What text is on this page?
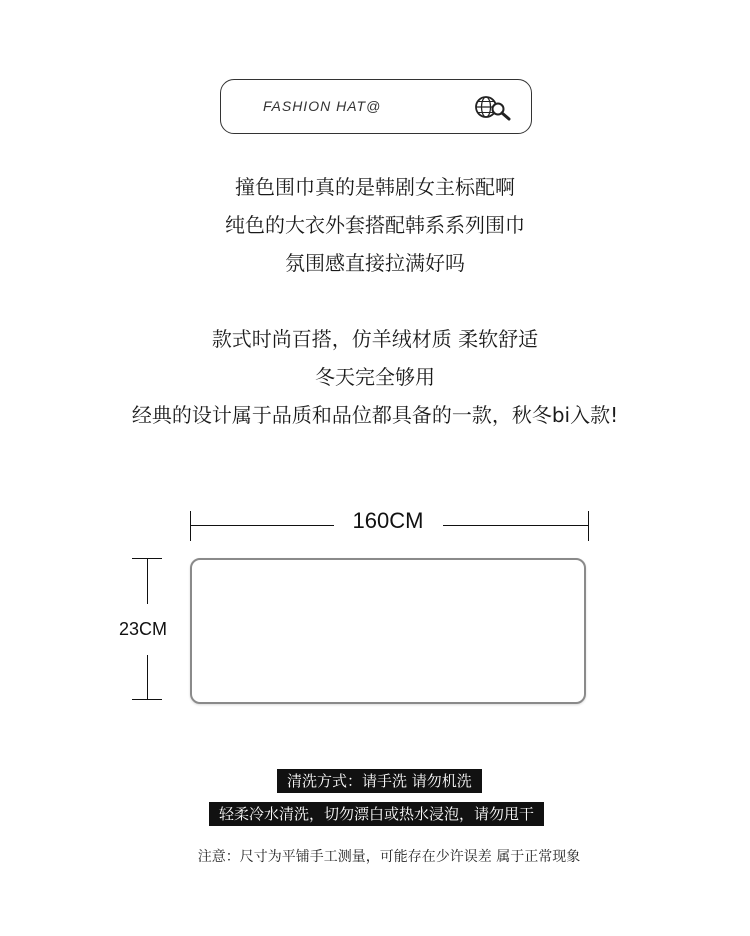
FASHION HAT@
撞色围巾真的是韩剧女主标配啊
纯色的大衣外套搭配韩系系列围巾
氛围感直接拉满好吗
款式时尚百搭，仿羊绒材质 柔软舒适
冬天完全够用
经典的设计属于品质和品位都具备的一款，秋冬bi入款!
160CM
23CM
清洗方式：请手洗 请勿机洗
轻柔冷水清洗，切勿漂白或热水浸泡，请勿甩干
注意：尺寸为平铺手工测量，可能存在少许误差 属于正常现象
